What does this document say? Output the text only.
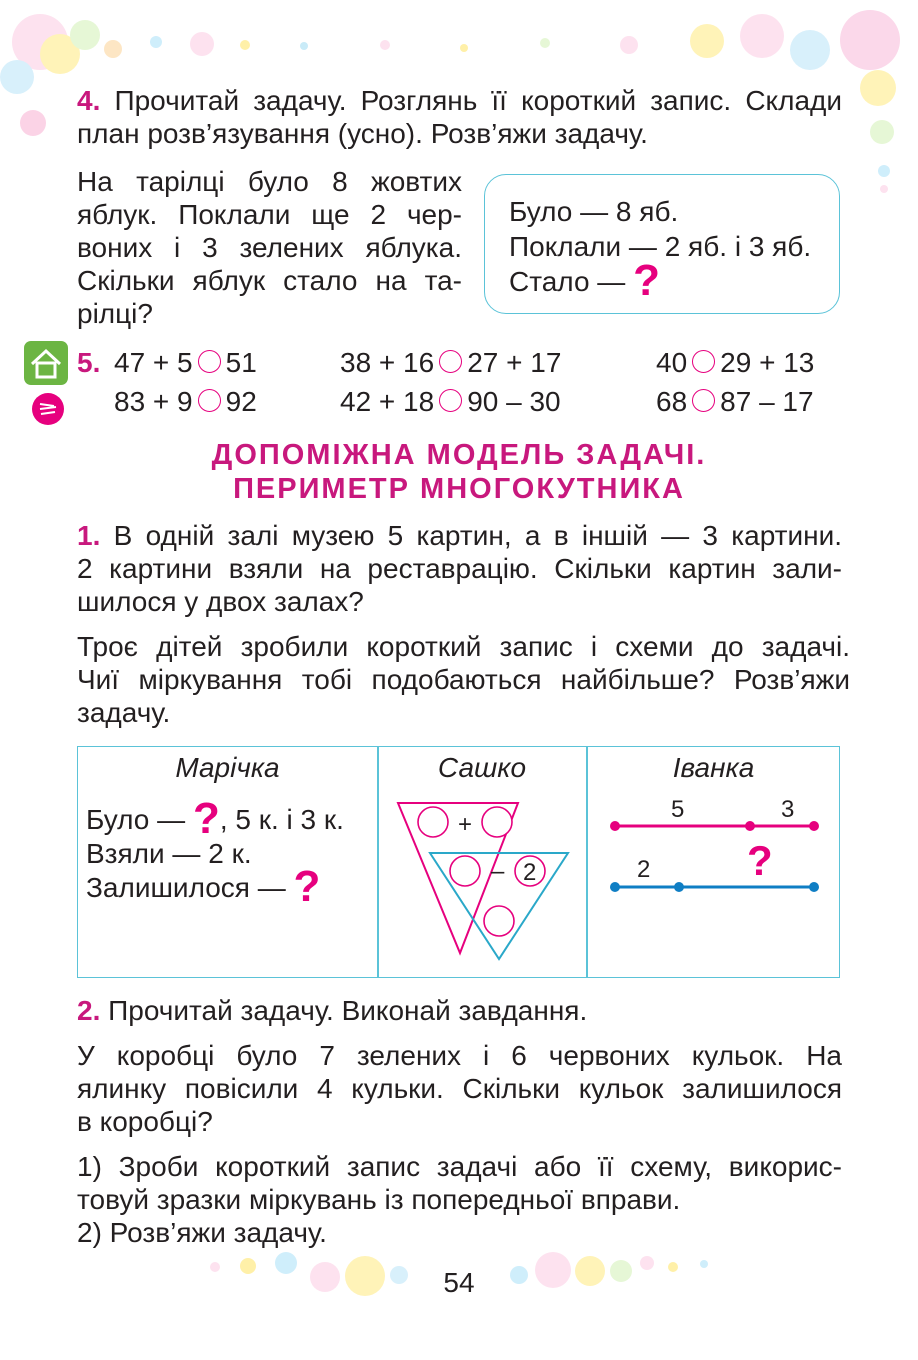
4. Прочитай задачу. Розглянь її короткий запис. Склади
план розв’язування (усно). Розв’яжи задачу.
На тарілці було 8 жовтих
яблук. Поклали ще 2 чер-
воних і 3 зелених яблука.
Скільки яблук стало на та-
рілці?
Було — 8 яб.
Поклали — 2 яб. і 3 яб.
Стало — ?
5. 47 + 5 51	38 + 16 27 + 17	40 29 + 13
83 + 9 92	42 + 18 90 – 30	68 87 – 17
ДОПОМІЖНА МОДЕЛЬ ЗАДАЧІ.
ПЕРИМЕТР МНОГОКУТНИКА
1. В одній залі музею 5 картин, а в іншій — 3 картини.
2 картини взяли на реставрацію. Скільки картин зали-
шилося у двох залах?
Троє дітей зробили короткий запис і схеми до задачі.
Чиї міркування тобі подобаються найбільше? Розв’яжи
задачу.
Марічка
Було — ?, 5 к. і 3 к.
Взяли — 2 к.
Залишилося — ?
Сашко
+
– 2
Іванка
5	3
2 ?
2. Прочитай задачу. Виконай завдання.
У коробці було 7 зелених і 6 червоних кульок. На
ялинку повісили 4 кульки. Скільки кульок залишилося
в коробці?
1) Зроби короткий запис задачі або її схему, викорис-
товуй зразки міркувань із попередньої вправи.
2) Розв’яжи задачу.
54
